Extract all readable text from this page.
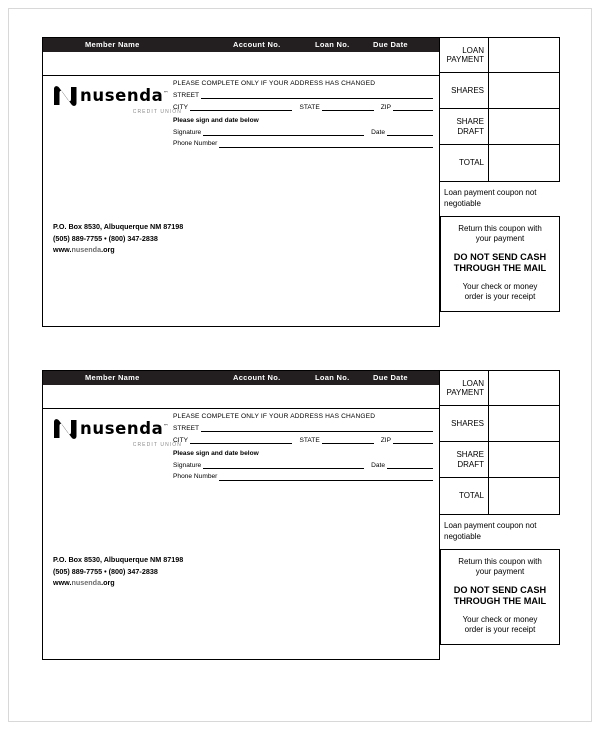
Member Name	Account No.	Loan No.	Due Date
nusenda™
CREDIT UNION
PLEASE COMPLETE ONLY IF YOUR ADDRESS HAS CHANGED
STREET
CITY	STATE	ZIP
Please sign and date below
Signature	Date
Phone Number
P.O. Box 8530, Albuquerque NM 87198
(505) 889-7755 • (800) 347-2838
www.nusenda.org
LOAN
PAYMENT
SHARES
SHARE
DRAFT
TOTAL
Loan payment coupon not negotiable
Return this coupon with
your payment
DO NOT SEND CASH
THROUGH THE MAIL
Your check or money
order is your receipt
Member Name	Account No.	Loan No.	Due Date
nusenda™
CREDIT UNION
PLEASE COMPLETE ONLY IF YOUR ADDRESS HAS CHANGED
STREET
CITY	STATE	ZIP
Please sign and date below
Signature	Date
Phone Number
P.O. Box 8530, Albuquerque NM 87198
(505) 889-7755 • (800) 347-2838
www.nusenda.org
LOAN
PAYMENT
SHARES
SHARE
DRAFT
TOTAL
Loan payment coupon not negotiable
Return this coupon with
your payment
DO NOT SEND CASH
THROUGH THE MAIL
Your check or money
order is your receipt
